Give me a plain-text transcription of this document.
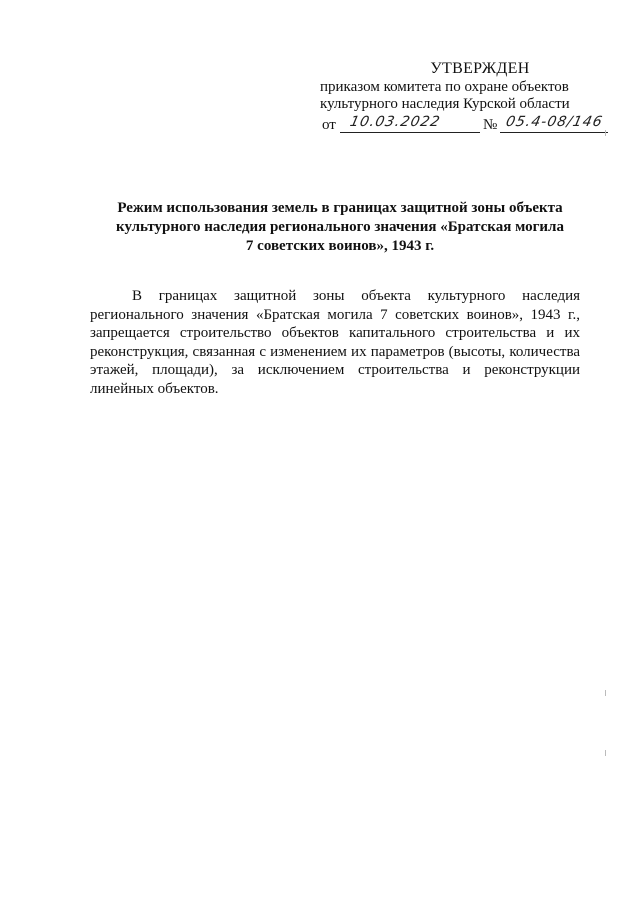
УТВЕРЖДЕН
приказом комитета по охране объектов
культурного наследия Курской области
от 10.03.2022	№ 05.4-08/146
Режим использования земель в границах защитной зоны объекта
культурного наследия регионального значения «Братская могила
7 советских воинов», 1943 г.
В границах защитной зоны объекта культурного наследия регионального значения «Братская могила 7 советских воинов», 1943 г., запрещается строительство объектов капитального строительства и их реконструкция, связанная с изменением их параметров (высоты, количества этажей, площади), за исключением строительства и реконструкции линейных объектов.
